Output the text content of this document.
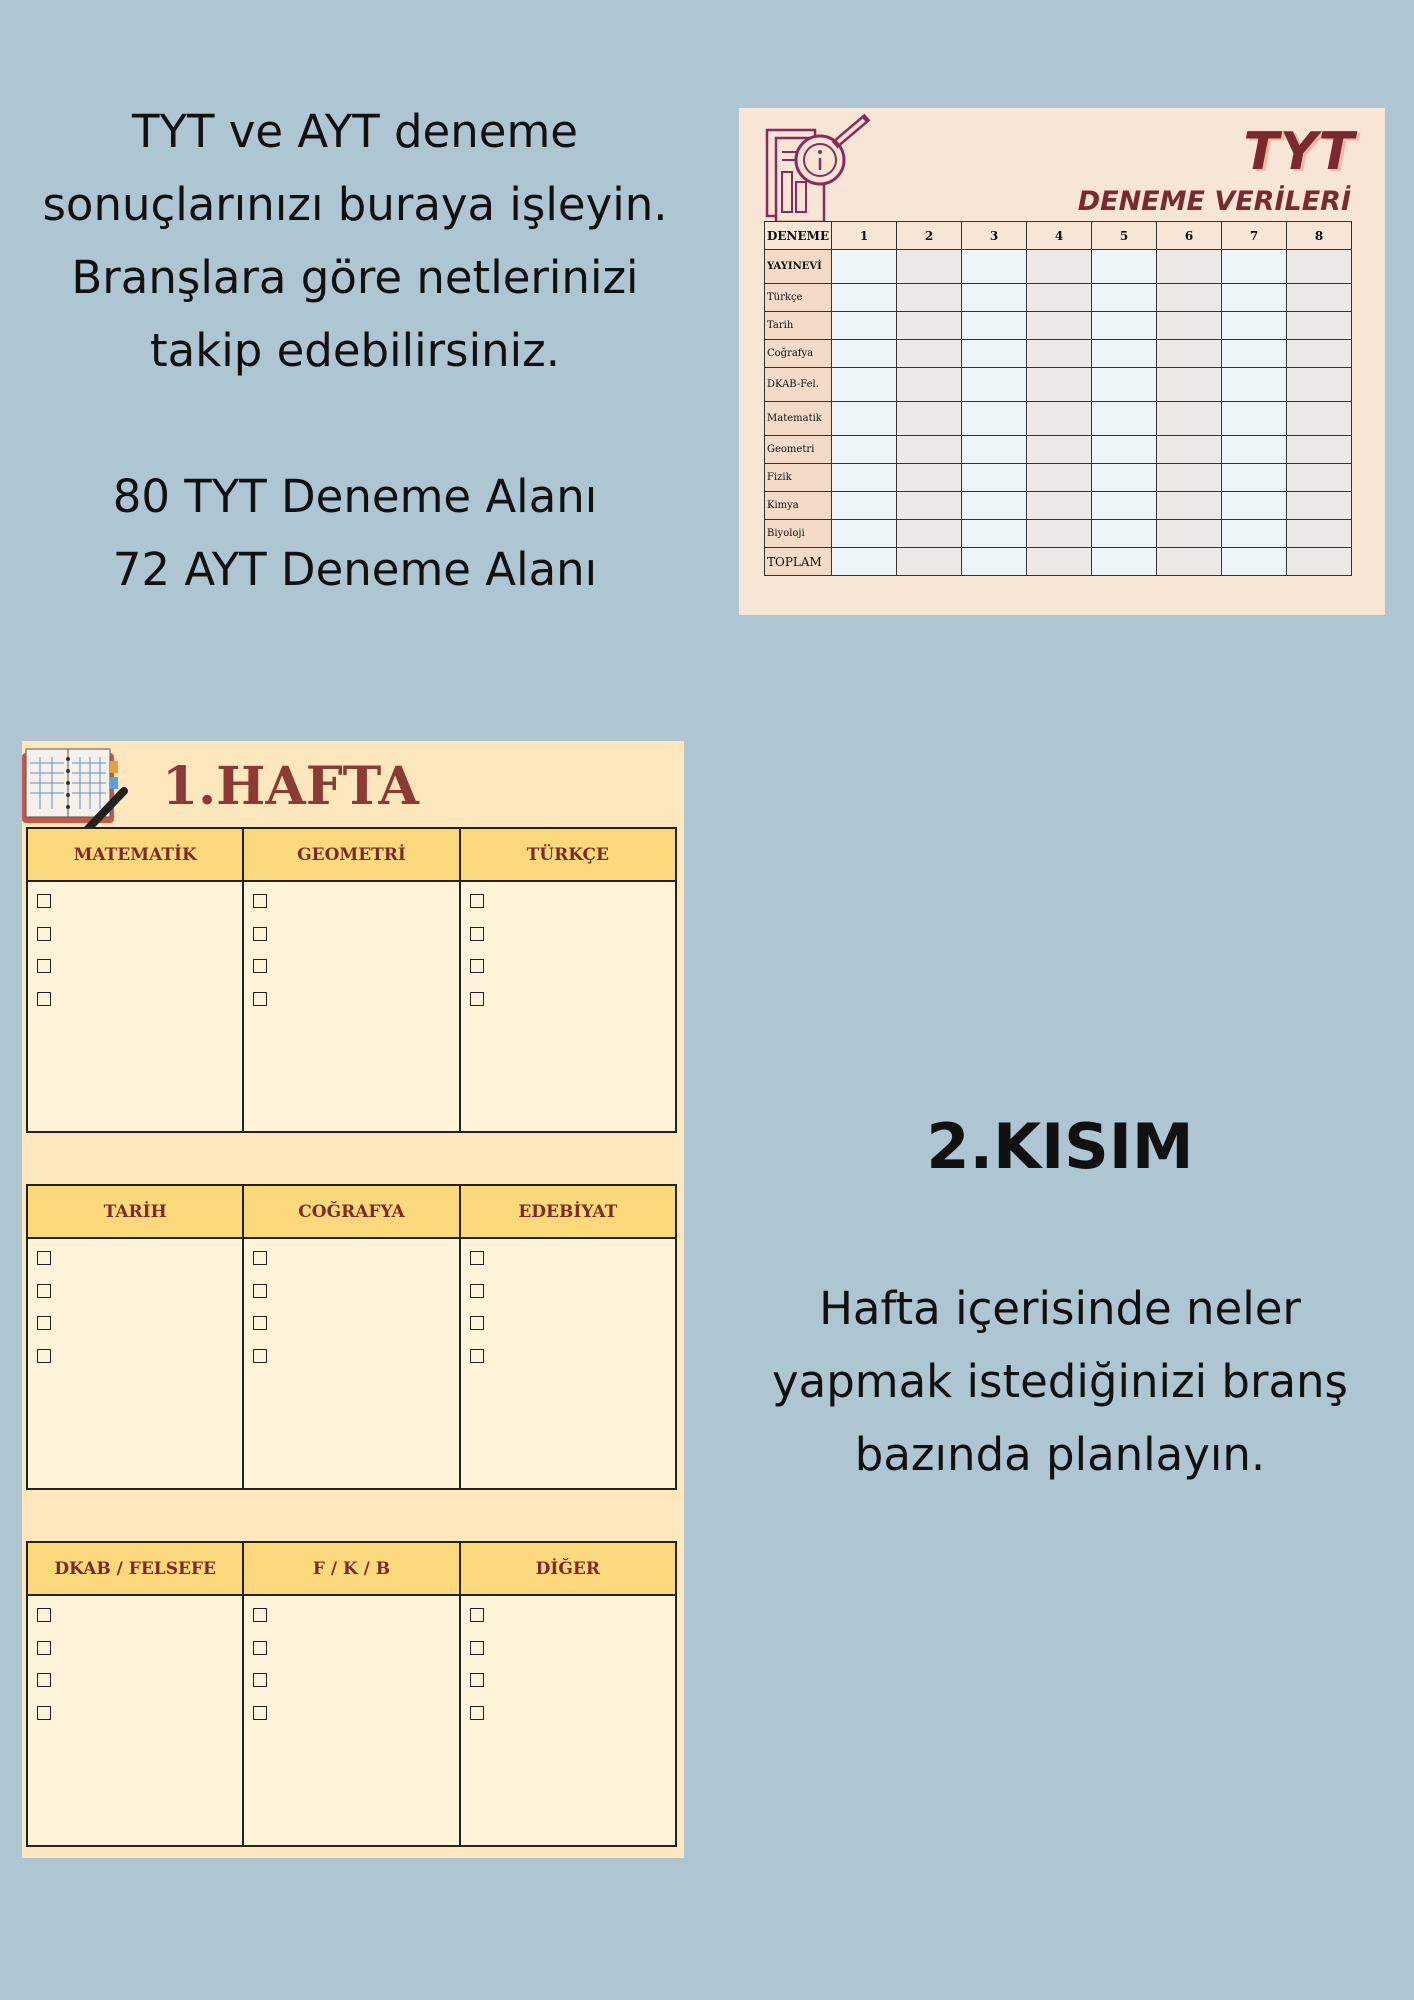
TYT ve AYT deneme

sonuçlarınızı buraya işleyin.

Branşlara göre netlerinizi

takip edebilirsiniz.

80 TYT Deneme Alanı

72 AYT Deneme Alanı

TYT
DENEME VERİLERİ
DENEME	1	2	3	4	5	6	7	8
YAYINEVİ								
Türkçe								
Tarih								
Coğrafya								
DKAB-Fel.								
Matematik								
Geometri								
Fizik								
Kimya								
Biyoloji								
TOPLAM								
1.HAFTA
MATEMATİK	GEOMETRİ	TÜRKÇE
TARİH	COĞRAFYA	EDEBİYAT
DKAB / FELSEFE	F / K / B	DİĞER
2.KISIM

Hafta içerisinde neler

yapmak istediğinizi branş

bazında planlayın.
